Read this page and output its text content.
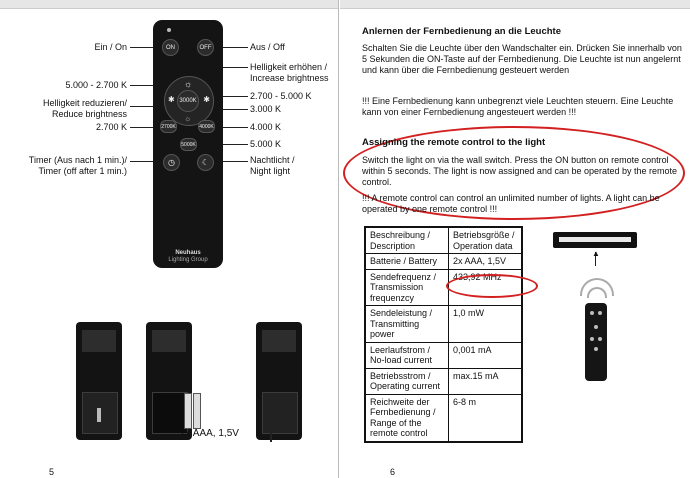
Ein / On
5.000 - 2.700 K
Helligkeit reduzieren/
Reduce brightness
2.700 K
Timer (Aus nach 1 min.)/
Timer (off after 1 min.)
Aus / Off
Helligkeit erhöhen /
Increase brightness
2.700 - 5.000 K
3.000 K
4.000 K
5.000 K
Nachtlicht /
Night light
ON	OFF
☼
☼
✱	✱
3000K
2700K	4000K
5000K
◷	☾
Neuhaus
Lighting Group
2x AAA, 1,5V
5
Anlernen der Fernbedienung an die Leuchte

Schalten Sie die Leuchte über den Wandschalter ein. Drücken Sie innerhalb von 5 Sekunden die ON-Taste auf der Fernbedienung. Die Leuchte ist nun angelernt und kann über die Fernbedienung gesteuert werden

!!! Eine Fernbedienung kann unbegrenzt viele Leuchten steuern. Eine Leuchte kann von einer Fernbedienung angesteuert werden !!!

Assigning the remote control to the light

Switch the light on via the wall switch. Press the ON button on remote control within 5 seconds. The light is now assigned and can be operated by the remote control.

!!! A remote control can control an unlimited number of lights. A light can be operated by one remote control !!!

Beschreibung / Description	Betriebsgröße / Operation data
Batterie / Battery	2x AAA, 1,5V
Sendefrequenz / Transmission frequenzcy	433,92 MHz
Sendeleistung / Transmitting power	1,0 mW
Leerlaufstrom / No-load current	0,001 mA
Betriebsstrom / Operating current	max.15 mA
Reichweite der Fernbedienung / Range of the remote control	6-8 m
▲
6
